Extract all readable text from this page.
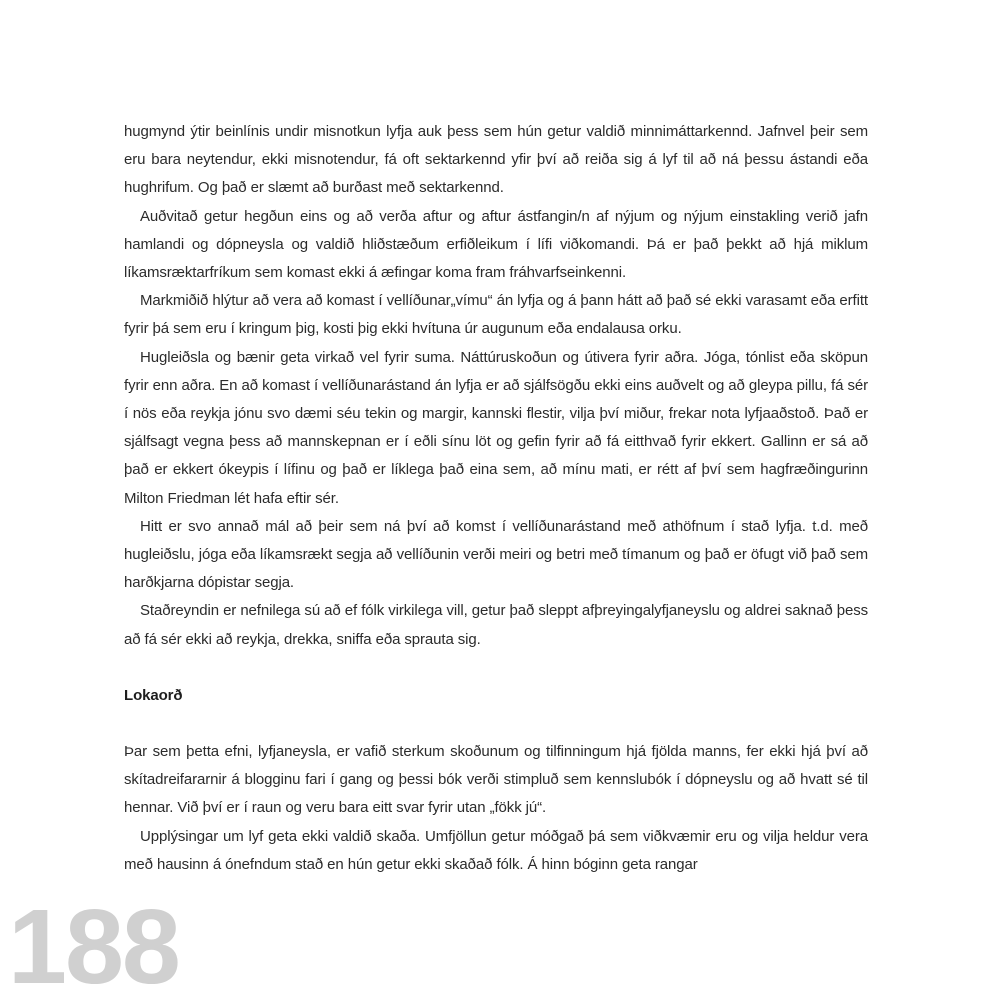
hugmynd ýtir beinlínis undir misnotkun lyfja auk þess sem hún getur valdið minnimáttarkennd. Jafnvel þeir sem eru bara neytendur, ekki misnotendur, fá oft sektarkennd yfir því að reiða sig á lyf til að ná þessu ástandi eða hughrifum. Og það er slæmt að burðast með sektarkennd.

Auðvitað getur hegðun eins og að verða aftur og aftur ástfangin/n af nýjum og nýjum einstakling verið jafn hamlandi og dópneysla og valdið hliðstæðum erfiðleikum í lífi viðkomandi. Þá er það þekkt að hjá miklum líkamsræktarfríkum sem komast ekki á æfingar koma fram fráhvarfseinkenni.

Markmiðið hlýtur að vera að komast í vellíðunar„vímu“ án lyfja og á þann hátt að það sé ekki varasamt eða erfitt fyrir þá sem eru í kringum þig, kosti þig ekki hvítuna úr augunum eða endalausa orku.

Hugleiðsla og bænir geta virkað vel fyrir suma. Náttúruskoðun og útivera fyrir aðra. Jóga, tónlist eða sköpun fyrir enn aðra. En að komast í vellíðunarástand án lyfja er að sjálfsögðu ekki eins auðvelt og að gleypa pillu, fá sér í nös eða reykja jónu svo dæmi séu tekin og margir, kannski flestir, vilja því miður, frekar nota lyfjaaðstoð. Það er sjálfsagt vegna þess að mannskepnan er í eðli sínu löt og gefin fyrir að fá eitthvað fyrir ekkert. Gallinn er sá að það er ekkert ókeypis í lífinu og það er líklega það eina sem, að mínu mati, er rétt af því sem hagfræðingurinn Milton Friedman lét hafa eftir sér.

Hitt er svo annað mál að þeir sem ná því að komst í vellíðunarástand með athöfnum í stað lyfja. t.d. með hugleiðslu, jóga eða líkamsrækt segja að vellíðunin verði meiri og betri með tímanum og það er öfugt við það sem harðkjarna dópistar segja.

Staðreyndin er nefnilega sú að ef fólk virkilega vill, getur það sleppt afþreyingalyfjaneyslu og aldrei saknað þess að fá sér ekki að reykja, drekka, sniffa eða sprauta sig.

Lokaorð

Þar sem þetta efni, lyfjaneysla, er vafið sterkum skoðunum og tilfinningum hjá fjölda manns, fer ekki hjá því að skítadreifararnir á blogginu fari í gang og þessi bók verði stimpluð sem kennslubók í dópneyslu og að hvatt sé til hennar. Við því er í raun og veru bara eitt svar fyrir utan „fökk jú“.

Upplýsingar um lyf geta ekki valdið skaða. Umfjöllun getur móðgað þá sem viðkvæmir eru og vilja heldur vera með hausinn á ónefndum stað en hún getur ekki skaðað fólk. Á hinn bóginn geta rangar

188
